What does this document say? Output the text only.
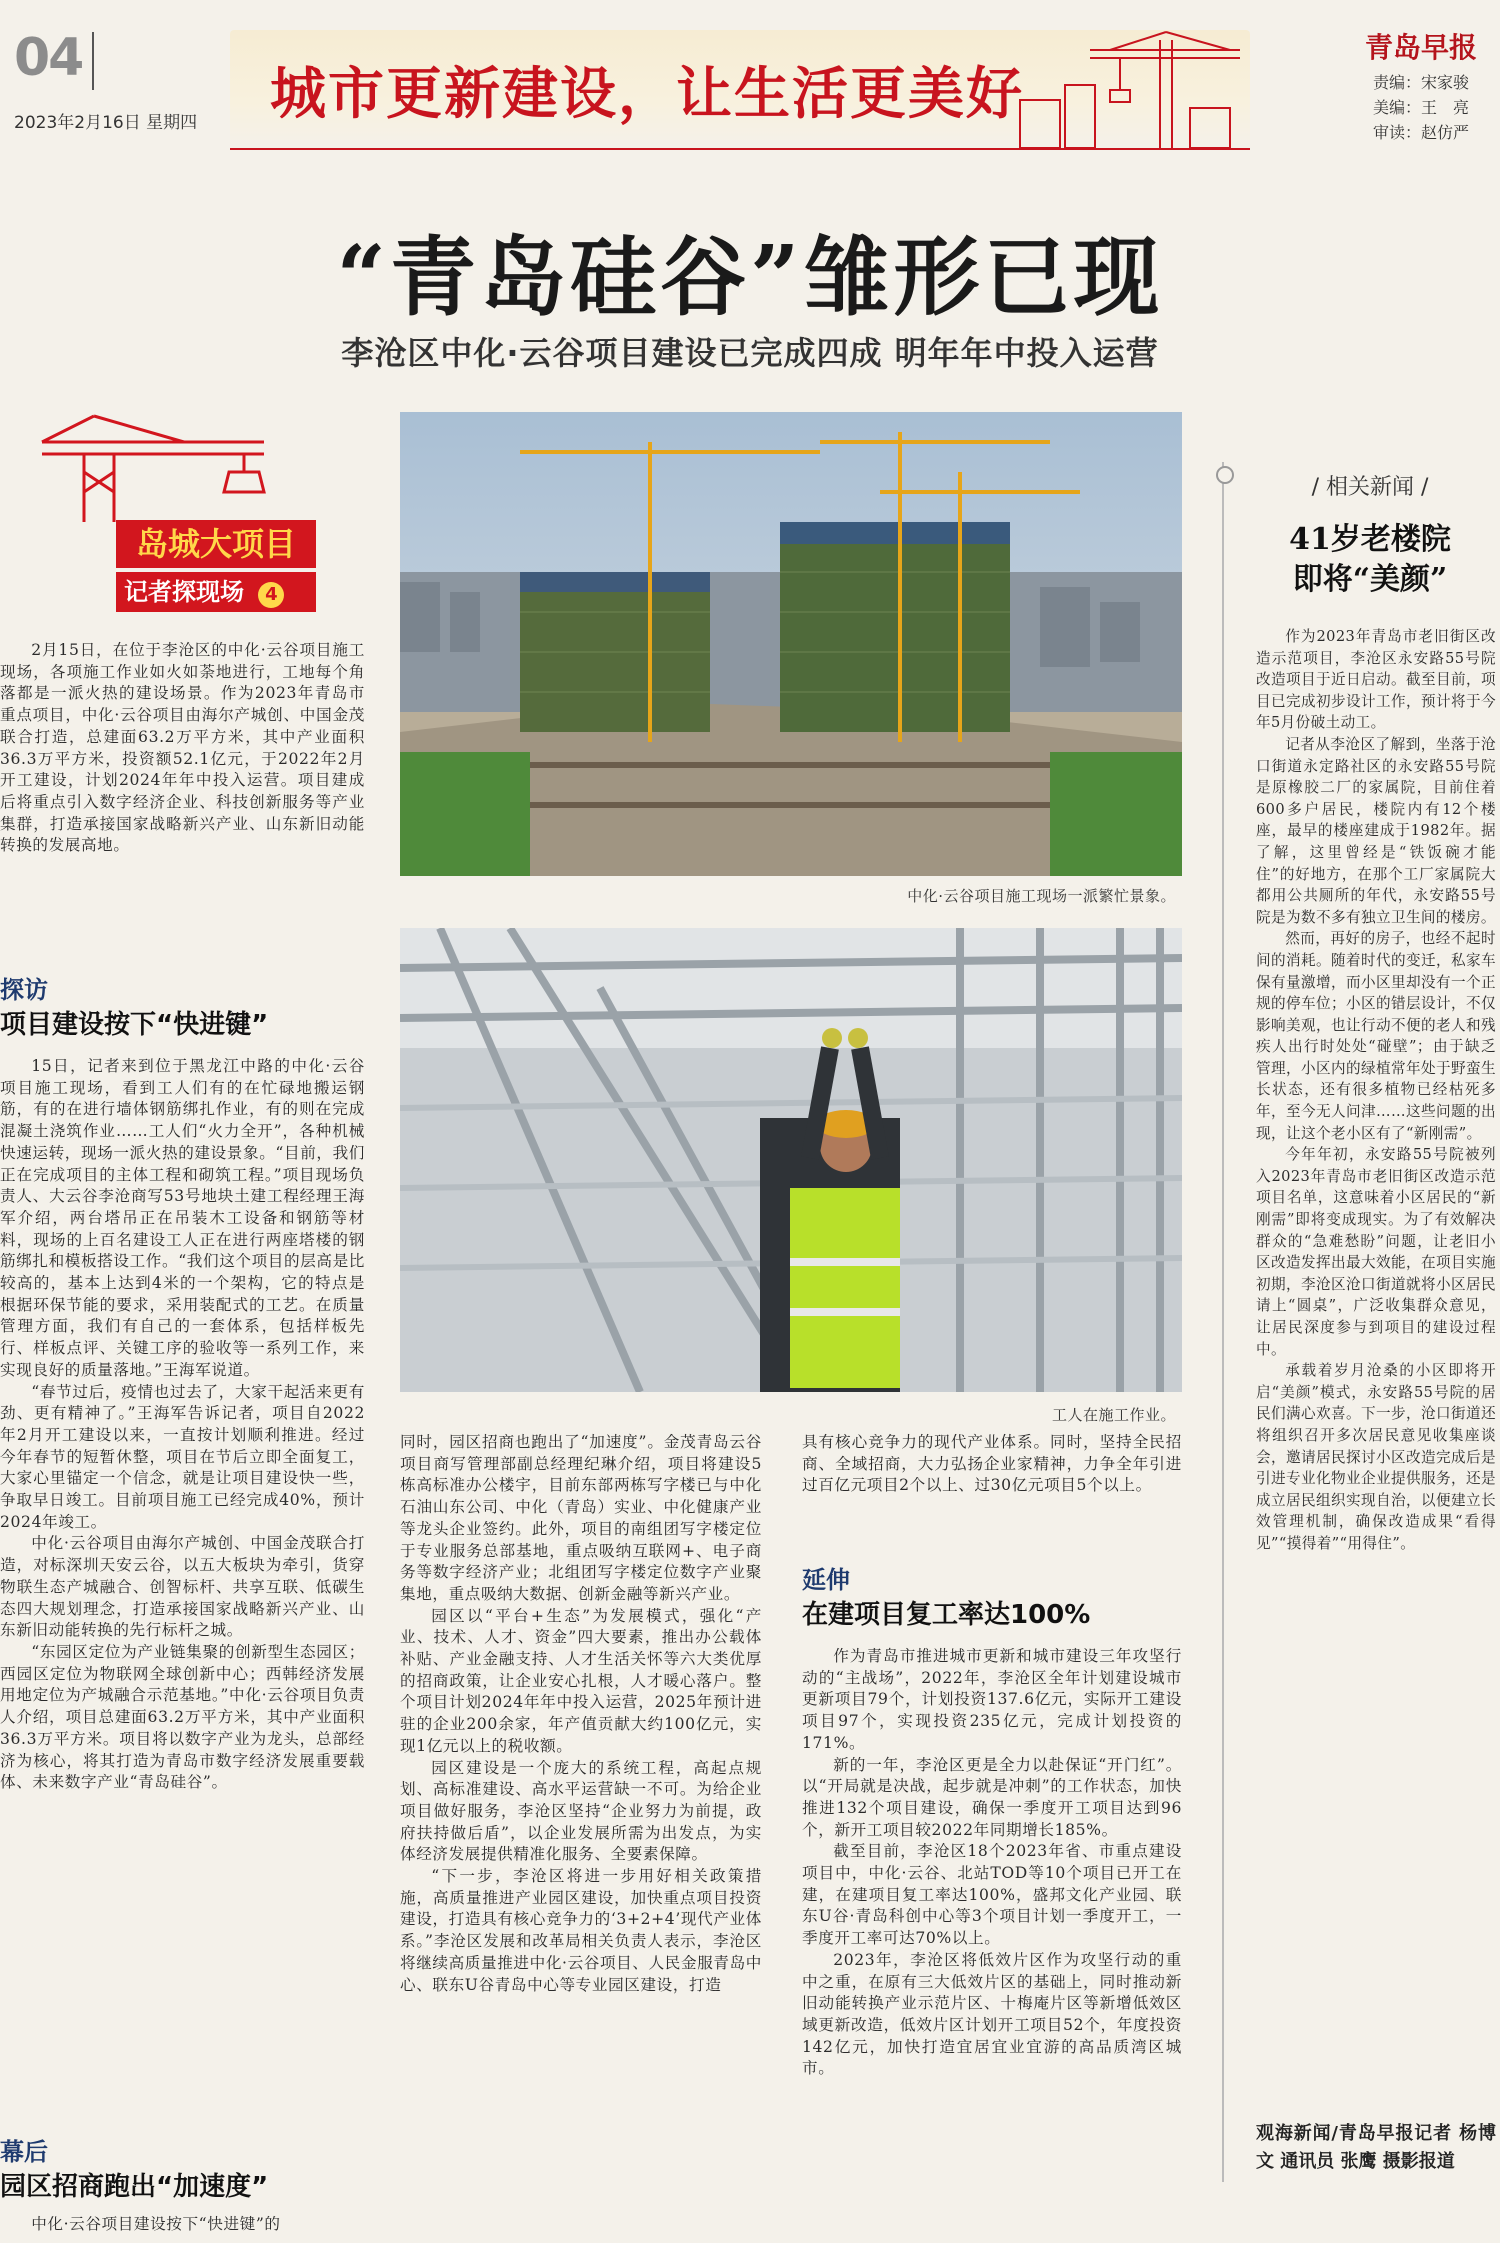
04
2023年2月16日 星期四 城市更新建设，让生活更美好
青岛早报
责编：宋家骏
美编：王　亮
审读：赵仿严
“青岛硅谷”雏形已现
李沧区中化·云谷项目建设已完成四成 明年年中投入运营
岛城大项目
记者探现场 4

2月15日，在位于李沧区的中化·云谷项目施工现场，各项施工作业如火如荼地进行，工地每个角落都是一派火热的建设场景。作为2023年青岛市重点项目，中化·云谷项目由海尔产城创、中国金茂联合打造，总建面63.2万平方米，其中产业面积36.3万平方米，投资额52.1亿元，于2022年2月开工建设，计划2024年年中投入运营。项目建成后将重点引入数字经济企业、科技创新服务等产业集群，打造承接国家战略新兴产业、山东新旧动能转换的发展高地。

探访
项目建设按下“快进键”

15日，记者来到位于黑龙江中路的中化·云谷项目施工现场，看到工人们有的在忙碌地搬运钢筋，有的在进行墙体钢筋绑扎作业，有的则在完成混凝土浇筑作业……工人们“火力全开”，各种机械快速运转，现场一派火热的建设景象。“目前，我们正在完成项目的主体工程和砌筑工程。”项目现场负责人、大云谷李沧商写53号地块土建工程经理王海军介绍，两台塔吊正在吊装木工设备和钢筋等材料，现场的上百名建设工人正在进行两座塔楼的钢筋绑扎和模板搭设工作。“我们这个项目的层高是比较高的，基本上达到4米的一个架构，它的特点是根据环保节能的要求，采用装配式的工艺。在质量管理方面，我们有自己的一套体系，包括样板先行、样板点评、关键工序的验收等一系列工作，来实现良好的质量落地。”王海军说道。

“春节过后，疫情也过去了，大家干起活来更有劲、更有精神了。”王海军告诉记者，项目自2022年2月开工建设以来，一直按计划顺利推进。经过今年春节的短暂休整，项目在节后立即全面复工，大家心里锚定一个信念，就是让项目建设快一些，争取早日竣工。目前项目施工已经完成40%，预计2024年竣工。

中化·云谷项目由海尔产城创、中国金茂联合打造，对标深圳天安云谷，以五大板块为牵引，货穿物联生态产城融合、创智标杆、共享互联、低碳生态四大规划理念，打造承接国家战略新兴产业、山东新旧动能转换的先行标杆之城。

“东园区定位为产业链集聚的创新型生态园区；西园区定位为物联网全球创新中心；西韩经济发展用地定位为产城融合示范基地。”中化·云谷项目负责人介绍，项目总建面63.2万平方米，其中产业面积36.3万平方米。项目将以数字产业为龙头，总部经济为核心，将其打造为青岛市数字经济发展重要载体、未来数字产业“青岛硅谷”。

幕后
园区招商跑出“加速度”

中化·云谷项目建设按下“快进键”的

中化·云谷项目施工现场一派繁忙景象。
工人在施工作业。

同时，园区招商也跑出了“加速度”。金茂青岛云谷项目商写管理部副总经理纪琳介绍，项目将建设5栋高标准办公楼宇，目前东部两栋写字楼已与中化石油山东公司、中化（青岛）实业、中化健康产业等龙头企业签约。此外，项目的南组团写字楼定位于专业服务总部基地，重点吸纳互联网+、电子商务等数字经济产业；北组团写字楼定位数字产业聚集地，重点吸纳大数据、创新金融等新兴产业。

园区以“平台+生态”为发展模式，强化“产业、技术、人才、资金”四大要素，推出办公载体补贴、产业金融支持、人才生活关怀等六大类优厚的招商政策，让企业安心扎根，人才暖心落户。整个项目计划2024年年中投入运营，2025年预计进驻的企业200余家，年产值贡献大约100亿元，实现1亿元以上的税收额。

园区建设是一个庞大的系统工程，高起点规划、高标准建设、高水平运营缺一不可。为给企业项目做好服务，李沧区坚持“企业努力为前提，政府扶持做后盾”，以企业发展所需为出发点，为实体经济发展提供精准化服务、全要素保障。

“下一步，李沧区将进一步用好相关政策措施，高质量推进产业园区建设，加快重点项目投资建设，打造具有核心竞争力的‘3+2+4’现代产业体系。”李沧区发展和改革局相关负责人表示，李沧区将继续高质量推进中化·云谷项目、人民金服青岛中心、联东U谷青岛中心等专业园区建设，打造

具有核心竞争力的现代产业体系。同时，坚持全民招商、全域招商，大力弘扬企业家精神，力争全年引进过百亿元项目2个以上、过30亿元项目5个以上。

延伸
在建项目复工率达100%

作为青岛市推进城市更新和城市建设三年攻坚行动的“主战场”，2022年，李沧区全年计划建设城市更新项目79个，计划投资137.6亿元，实际开工建设项目97个，实现投资235亿元，完成计划投资的171%。

新的一年，李沧区更是全力以赴保证“开门红”。以“开局就是决战，起步就是冲刺”的工作状态，加快推进132个项目建设，确保一季度开工项目达到96个，新开工项目较2022年同期增长185%。

截至目前，李沧区18个2023年省、市重点建设项目中，中化·云谷、北站TOD等10个项目已开工在建，在建项目复工率达100%，盛邦文化产业园、联东U谷·青岛科创中心等3个项目计划一季度开工，一季度开工率可达70%以上。

2023年，李沧区将低效片区作为攻坚行动的重中之重，在原有三大低效片区的基础上，同时推动新旧动能转换产业示范片区、十梅庵片区等新增低效区域更新改造，低效片区计划开工项目52个，年度投资142亿元，加快打造宜居宜业宜游的高品质湾区城市。

/ 相关新闻 /
41岁老楼院
即将“美颜”

作为2023年青岛市老旧街区改造示范项目，李沧区永安路55号院改造项目于近日启动。截至目前，项目已完成初步设计工作，预计将于今年5月份破土动工。

记者从李沧区了解到，坐落于沧口街道永定路社区的永安路55号院是原橡胶二厂的家属院，目前住着600多户居民，楼院内有12个楼座，最早的楼座建成于1982年。据了解，这里曾经是“铁饭碗才能住”的好地方，在那个工厂家属院大都用公共厕所的年代，永安路55号院是为数不多有独立卫生间的楼房。

然而，再好的房子，也经不起时间的消耗。随着时代的变迁，私家车保有量激增，而小区里却没有一个正规的停车位；小区的错层设计，不仅影响美观，也让行动不便的老人和残疾人出行时处处“碰壁”；由于缺乏管理，小区内的绿植常年处于野蛮生长状态，还有很多植物已经枯死多年，至今无人问津……这些问题的出现，让这个老小区有了“新刚需”。

今年年初，永安路55号院被列入2023年青岛市老旧街区改造示范项目名单，这意味着小区居民的“新刚需”即将变成现实。为了有效解决群众的“急难愁盼”问题，让老旧小区改造发挥出最大效能，在项目实施初期，李沧区沧口街道就将小区居民请上“圆桌”，广泛收集群众意见，让居民深度参与到项目的建设过程中。

承载着岁月沧桑的小区即将开启“美颜”模式，永安路55号院的居民们满心欢喜。下一步，沧口街道还将组织召开多次居民意见收集座谈会，邀请居民探讨小区改造完成后是引进专业化物业企业提供服务，还是成立居民组织实现自治，以便建立长效管理机制，确保改造成果“看得见”“摸得着”“用得住”。

观海新闻/青岛早报记者 杨博文 通讯员 张鹰 摄影报道
